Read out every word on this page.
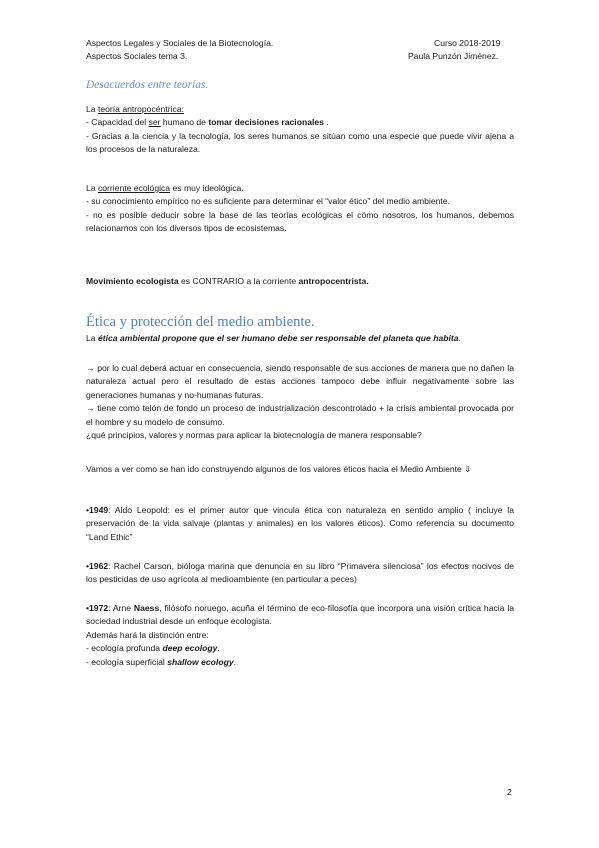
Aspectos Legales y Sociales de la Biotecnología.
Aspectos Sociales tema 3.
Curso 2018-2019
Paula Punzón Jiménez.
Desacuerdos entre teorías.

La teoría antropocéntrica:

- Capacidad del ser humano de tomar decisiones racionales .

- Gracias a la ciencia y la tecnología, los seres humanos se sitúan como una especie que puede vivir ajena a los procesos de la naturaleza.

La corriente ecológica es muy ideológica.

- su conocimiento empírico no es suficiente para determinar el “valor ético” del medio ambiente.

- no es posible deducir sobre la base de las teorías ecológicas el cómo nosotros, los humanos, debemos relacionarnos con los diversos tipos de ecosistemas.

Movimiento ecologista es CONTRARIO a la corriente antropocentrista.

Ética y protección del medio ambiente.

La ética ambiental propone que el ser humano debe ser responsable del planeta que habita.

→ por lo cual deberá actuar en consecuencia, siendo responsable de sus acciones de manera que no dañen la naturaleza actual pero el resultado de estas acciones tampoco debe influir negativamente sobre las generaciones humanas y no-humanas futuras.

→ tiene como telón de fondo un proceso de industrialización descontrolado + la crisis ambiental provocada por el hombre y su modelo de consumo.

¿qué principios, valores y normas para aplicar la biotecnología de manera responsable?

Vamos a ver como se han ido construyendo algunos de los valores éticos hacia el Medio Ambiente ⇓

•1949: Aldo Leopold: es el primer autor que vincula ética con naturaleza en sentido amplio ( incluye la preservación de la vida salvaje (plantas y animales) en los valores éticos). Como referencia su documento “Land Ethic”

•1962: Rachel Carson, bióloga marina que denuncia en su libro “Primavera silenciosa” los efectos nocivos de los pesticidas de uso agrícola al medioambiente (en particular a peces)

•1972: Arne Naess, filósofo noruego, acuña el término de eco-filosofía que incorpora una visión crítica hacia la sociedad industrial desde un enfoque ecologista.

Además hará la distinción entre:

- ecología profunda deep ecology.

- ecología superficial shallow ecology.

2
